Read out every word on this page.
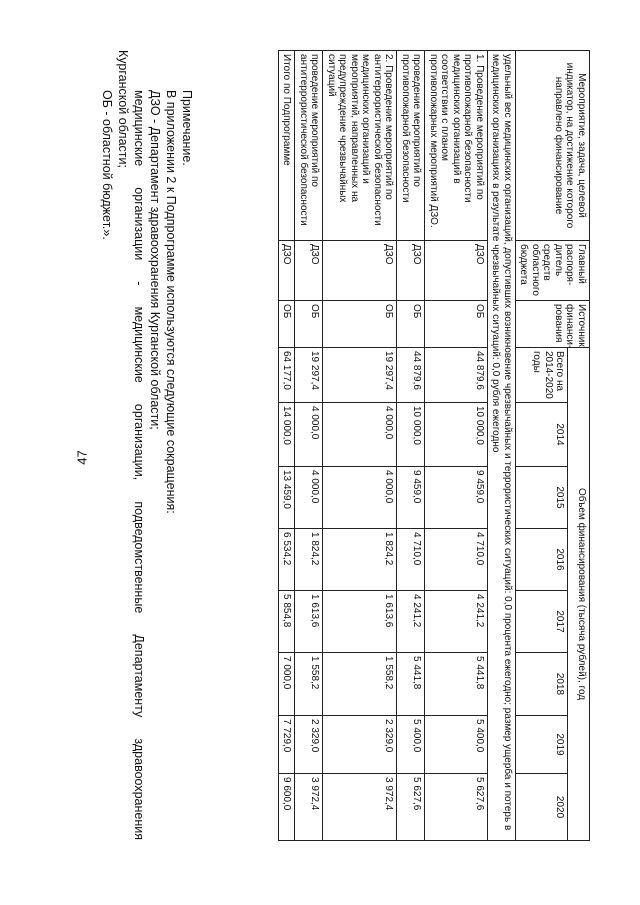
47
Мероприятие, задача, целевой индикатор, на достижение которого направлено финансирование	Главный распоря-дитель средств областного бюджета	Источник финанси-рования	Объем финансирования (тысяча рублей), год							
			Всего на 2014-2020 годы	2014	2015	2016	2017	2018	2019	2020
удельный вес медицинских организаций, допустивших возникновение чрезвычайных и террористических ситуаций: 0,0 процента ежегодно; размер ущерба и потерь в медицинских организациях в результате чрезвычайных ситуаций: 0,0 рубля ежегодно										
1. Проведение мероприятий по противопожарной безопасности медицинских организаций в соответствии с планом противопожарных мероприятий ДЗО.	ДЗО	ОБ	44 879,6	10 000,0	9 459,0	4 710,0	4 241,2	5 441,8	5 400,0	5 627,6
проведение мероприятий по противопожарной безопасности	ДЗО	ОБ	44 879,6	10 000,0	9 459,0	4 710,0	4 241,2	5 441,8	5 400,0	5 627,6
2. Проведение мероприятий по антитеррористической безопасности медицинских организаций и мероприятий, направленных на предупреждение чрезвычайных ситуаций	ДЗО	ОБ	19 297,4	4 000,0	4 000,0	1 824,2	1 613,6	1 558,2	2 329,0	3 972,4
проведение мероприятий по антитеррористической безопасности	ДЗО	ОБ	19 297,4	4 000,0	4 000,0	1 824,2	1 613,6	1 558,2	2 329,0	3 972,4
Итого по Подпрограмме	ДЗО	ОБ	64 177,0	14 000,0	13 459,0	6 534,2	5 854,8	7 000,0	7 729,0	9 600,0
Примечание.
В приложении 2 к Подпрограмме используются следующие сокращения:
ДЗО - Департамент здравоохранения Курганской области;
медицинские организации - медицинские организации, подведомственные Департаменту здравоохранения
Курганской области;
ОБ - областной бюджет.».
